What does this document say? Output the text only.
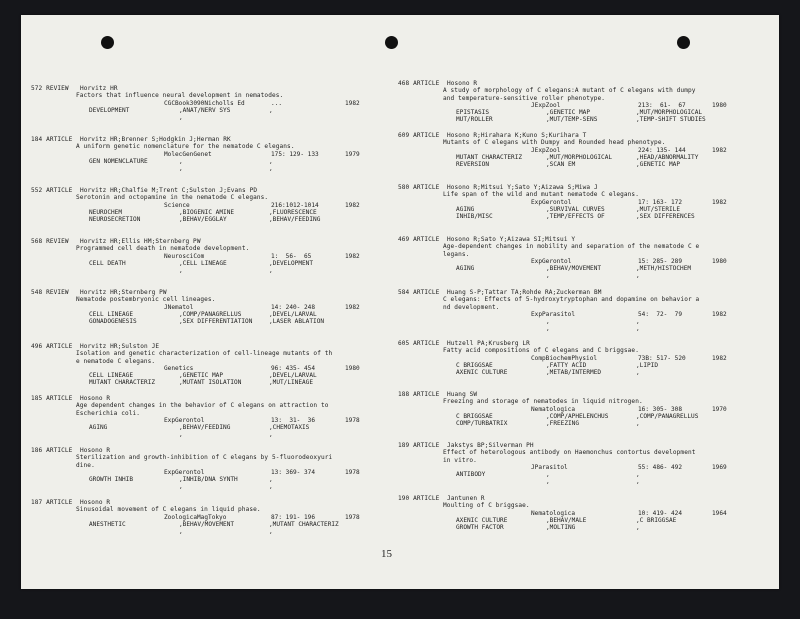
572 REVIEW   Horvitz HR
Factors that influence neural development in nematodes.
CGCBook3090Nicholls Ed	...	1982
DEVELOPMENT	,ANAT/NERV SYS	,
,
184 ARTICLE  Horvitz HR;Brenner S;Hodgkin J;Herman RK
A uniform genetic nomenclature for the nematode C elegans.
MolecGenGenet	175: 129- 133	1979
GEN NOMENCLATURE	,	,
,	,
552 ARTICLE  Horvitz HR;Chalfie M;Trent C;Sulston J;Evans PD
Serotonin and octopamine in the nematode C elegans.
Science	216:1012-1014	1982
NEUROCHEM	,BIOGENIC AMINE	,FLUORESCENCE
NEUROSECRETION	,BEHAV/EGGLAY	,BEHAV/FEEDING
568 REVIEW   Horvitz HR;Ellis HM;Sternberg PW
Programmed cell death in nematode development.
NeurosciCom	1:  56-  65	1982
CELL DEATH	,CELL LINEAGE	,DEVELOPMENT
,	,
548 REVIEW   Horvitz HR;Sternberg PW
Nematode postembryonic cell lineages.
JNematol	14: 240- 248	1982
CELL LINEAGE	,COMP/PANAGRELLUS	,DEVEL/LARVAL
GONADOGENESIS	,SEX DIFFERENTIATION	,LASER ABLATION
496 ARTICLE  Horvitz HR;Sulston JE
Isolation and genetic characterization of cell-lineage mutants of th
e nematode C elegans.
Genetics	96: 435- 454	1980
CELL LINEAGE	,GENETIC MAP	,DEVEL/LARVAL
MUTANT CHARACTERIZ	,MUTANT ISOLATION	,MUT/LINEAGE
185 ARTICLE  Hosono R
Age dependent changes in the behavior of C elegans on attraction to
Escherichia coli.
ExpGerontol	13:  31-  36	1978
AGING	,BEHAV/FEEDING	,CHEMOTAXIS
,	,
186 ARTICLE  Hosono R
Sterilization and growth-inhibition of C elegans by 5-fluorodeoxyuri
dine.
ExpGerontol	13: 369- 374	1978
GROWTH INHIB	,INHIB/DNA SYNTH	,
,	,
187 ARTICLE  Hosono R
Sinusoidal movement of C elegans in liquid phase.
ZoologicaMagTokyo	87: 191- 196	1978
ANESTHETIC	,BEHAV/MOVEMENT	,MUTANT CHARACTERIZ
,	,
468 ARTICLE  Hosono R
A study of morphology of C elegans:A mutant of C elegans with dumpy
and temperature-sensitive roller phenotype.
JExpZool	213:  61-  67	1980
EPISTASIS	,GENETIC MAP	,MUT/MORPHOLOGICAL
MUT/ROLLER	,MUT/TEMP-SENS	,TEMP-SHIFT STUDIES
609 ARTICLE  Hosono R;Hirahara K;Kuno S;Kurihara T
Mutants of C elegans with Dumpy and Rounded head phenotype.
JExpZool	224: 135- 144	1982
MUTANT CHARACTERIZ	,MUT/MORPHOLOGICAL	,HEAD/ABNORMALITY
REVERSION	,SCAN EM	,GENETIC MAP
580 ARTICLE  Hosono R;Mitsui Y;Sato Y;Aizawa S;Miwa J
Life span of the wild and mutant nematode C elegans.
ExpGerontol	17: 163- 172	1982
AGING	,SURVIVAL CURVES	,MUT/STERILE
INHIB/MISC	,TEMP/EFFECTS OF	,SEX DIFFERENCES
469 ARTICLE  Hosono R;Sato Y;Aizawa SI;Mitsui Y
Age-dependent changes in mobility and separation of the nematode C e
legans.
ExpGerontol	15: 285- 289	1980
AGING	,BEHAV/MOVEMENT	,METH/HISTOCHEM
,	,
584 ARTICLE  Huang S-P;Tattar TA;Rohde RA;Zuckerman BM
C elegans: Effects of 5-hydroxytryptophan and dopamine on behavior a
nd development.
ExpParasitol	54:  72-  79	1982
,	,
,	,
605 ARTICLE  Hutzell PA;Krusberg LR
Fatty acid compositions of C elegans and C briggsae.
CompBiochemPhysiol	73B: 517- 520	1982
C BRIGGSAE	,FATTY ACID	,LIPID
AXENIC CULTURE	,METAB/INTERMED	,
188 ARTICLE  Huang SW
Freezing and storage of nematodes in liquid nitrogen.
Nematologica	16: 305- 308	1970
C BRIGGSAE	,COMP/APHELENCHUS	,COMP/PANAGRELLUS
COMP/TURBATRIX	,FREEZING	,
189 ARTICLE  Jakstys BP;Silverman PH
Effect of heterologous antibody on Haemonchus contortus development
in vitro.
JParasitol	55: 486- 492	1969
ANTIBODY	,	,
,	,
190 ARTICLE  Jantunen R
Moulting of C briggsae.
Nematologica	10: 419- 424	1964
AXENIC CULTURE	,BEHAV/MALE	,C BRIGGSAE
GROWTH FACTOR	,MOLTING	,
15
